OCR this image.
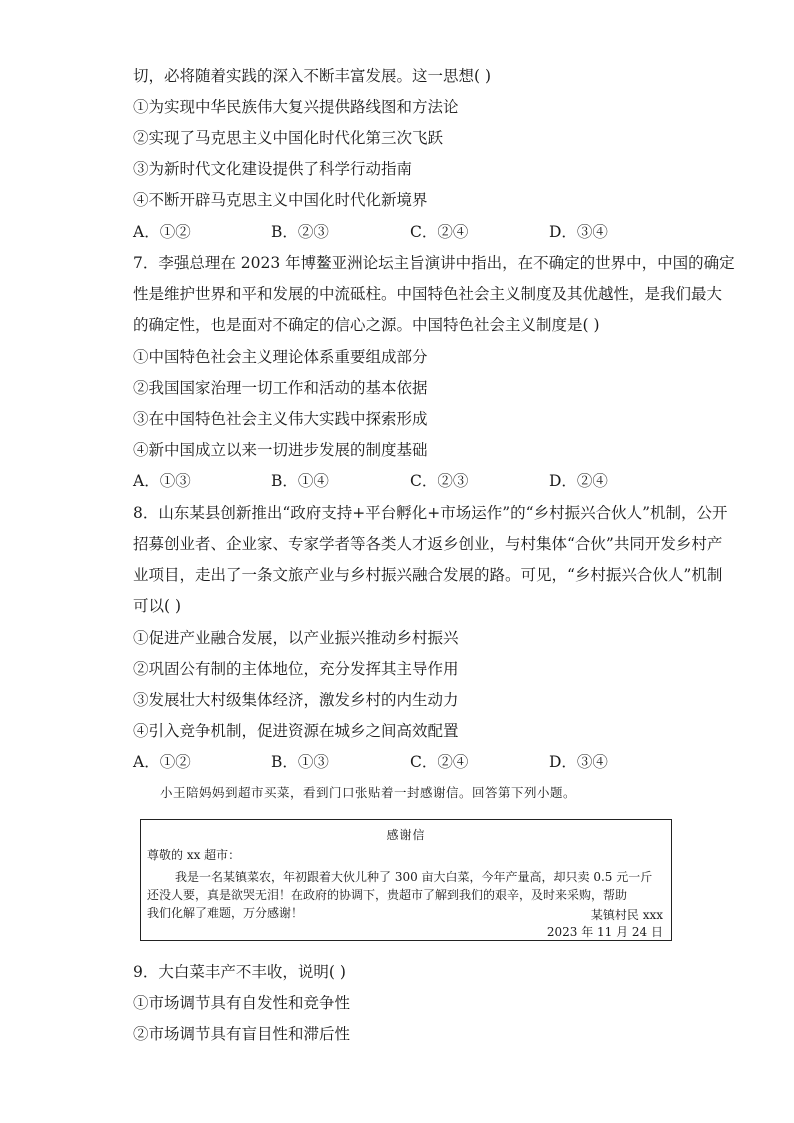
切，必将随着实践的深入不断丰富发展。这一思想( )
①为实现中华民族伟大复兴提供路线图和方法论
②实现了马克思主义中国化时代化第三次飞跃
③为新时代文化建设提供了科学行动指南
④不断开辟马克思主义中国化时代化新境界
A．①②	B．②③	C．②④	D．③④
7．李强总理在 2023 年博鳌亚洲论坛主旨演讲中指出，在不确定的世界中，中国的确定
性是维护世界和平和发展的中流砥柱。中国特色社会主义制度及其优越性，是我们最大
的确定性，也是面对不确定的信心之源。中国特色社会主义制度是( )
①中国特色社会主义理论体系重要组成部分
②我国国家治理一切工作和活动的基本依据
③在中国特色社会主义伟大实践中探索形成
④新中国成立以来一切进步发展的制度基础
A．①③	B．①④	C．②③	D．②④
8．山东某县创新推出“政府支持+平台孵化+市场运作”的“乡村振兴合伙人”机制，公开
招募创业者、企业家、专家学者等各类人才返乡创业，与村集体“合伙”共同开发乡村产
业项目，走出了一条文旅产业与乡村振兴融合发展的路。可见，“乡村振兴合伙人”机制
可以( )
①促进产业融合发展，以产业振兴推动乡村振兴
②巩固公有制的主体地位，充分发挥其主导作用
③发展壮大村级集体经济，激发乡村的内生动力
④引入竞争机制，促进资源在城乡之间高效配置
A．①②	B．①③	C．②④	D．③④
小王陪妈妈到超市买菜，看到门口张贴着一封感谢信。回答第下列小题。
感谢信
尊敬的 xx 超市：
我是一名某镇菜农，年初跟着大伙儿种了 300 亩大白菜，今年产量高，却只卖 0.5 元一斤
还没人要，真是欲哭无泪！在政府的协调下，贵超市了解到我们的艰辛，及时来采购，帮助
我们化解了难题，万分感谢！	某镇村民 xxx
2023 年 11 月 24 日
9．大白菜丰产不丰收，说明( )
①市场调节具有自发性和竞争性
②市场调节具有盲目性和滞后性
